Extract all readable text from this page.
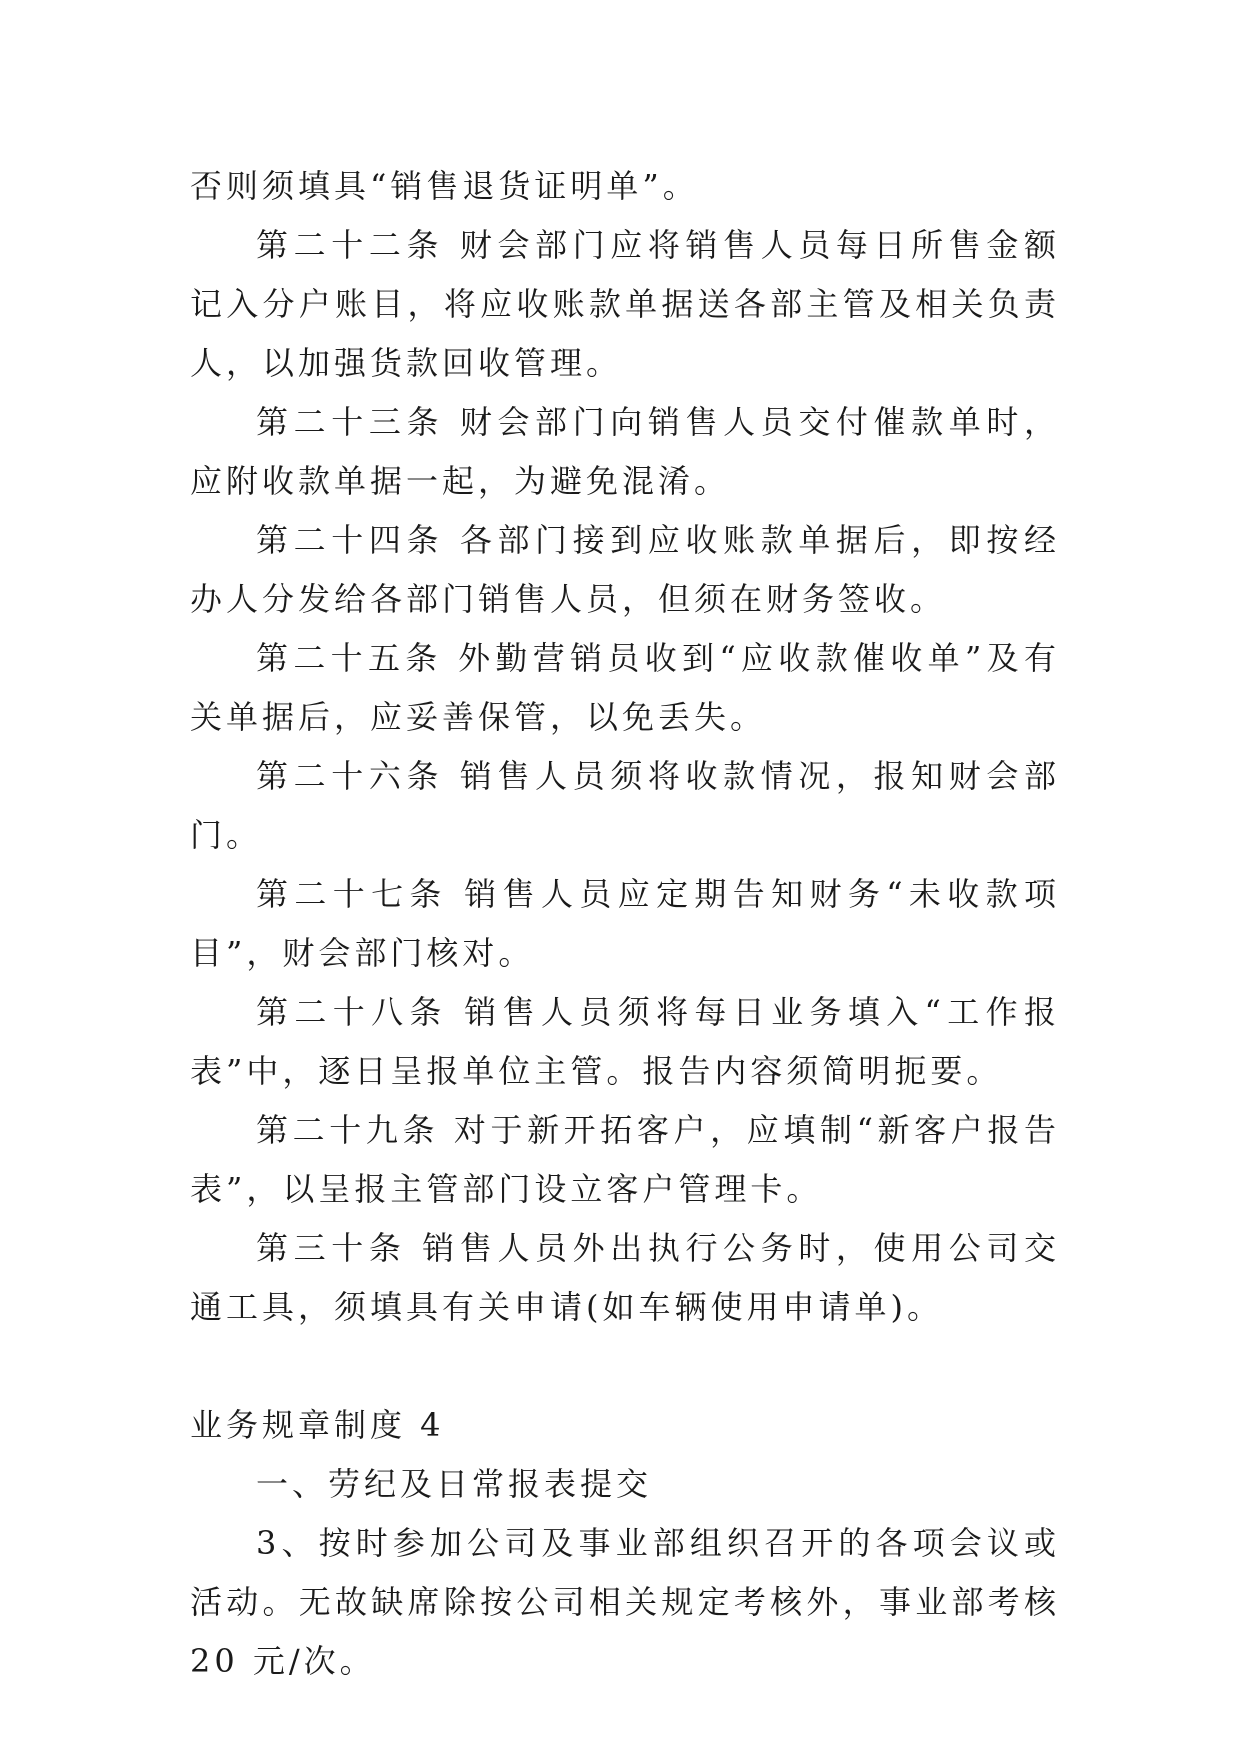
否则须填具“销售退货证明单”。

第二十二条 财会部门应将销售人员每日所售金额记入分户账目，将应收账款单据送各部主管及相关负责人，以加强货款回收管理。

第二十三条 财会部门向销售人员交付催款单时，应附收款单据一起，为避免混淆。

第二十四条 各部门接到应收账款单据后，即按经办人分发给各部门销售人员，但须在财务签收。

第二十五条 外勤营销员收到“应收款催收单”及有关单据后，应妥善保管，以免丢失。

第二十六条 销售人员须将收款情况，报知财会部门。

第二十七条 销售人员应定期告知财务“未收款项目”，财会部门核对。

第二十八条 销售人员须将每日业务填入“工作报表”中，逐日呈报单位主管。报告内容须简明扼要。

第二十九条 对于新开拓客户，应填制“新客户报告表”，以呈报主管部门设立客户管理卡。

第三十条 销售人员外出执行公务时，使用公司交通工具，须填具有关申请(如车辆使用申请单)。

业务规章制度 4

一、劳纪及日常报表提交

3、按时参加公司及事业部组织召开的各项会议或活动。无故缺席除按公司相关规定考核外，事业部考核 20 元/次。
